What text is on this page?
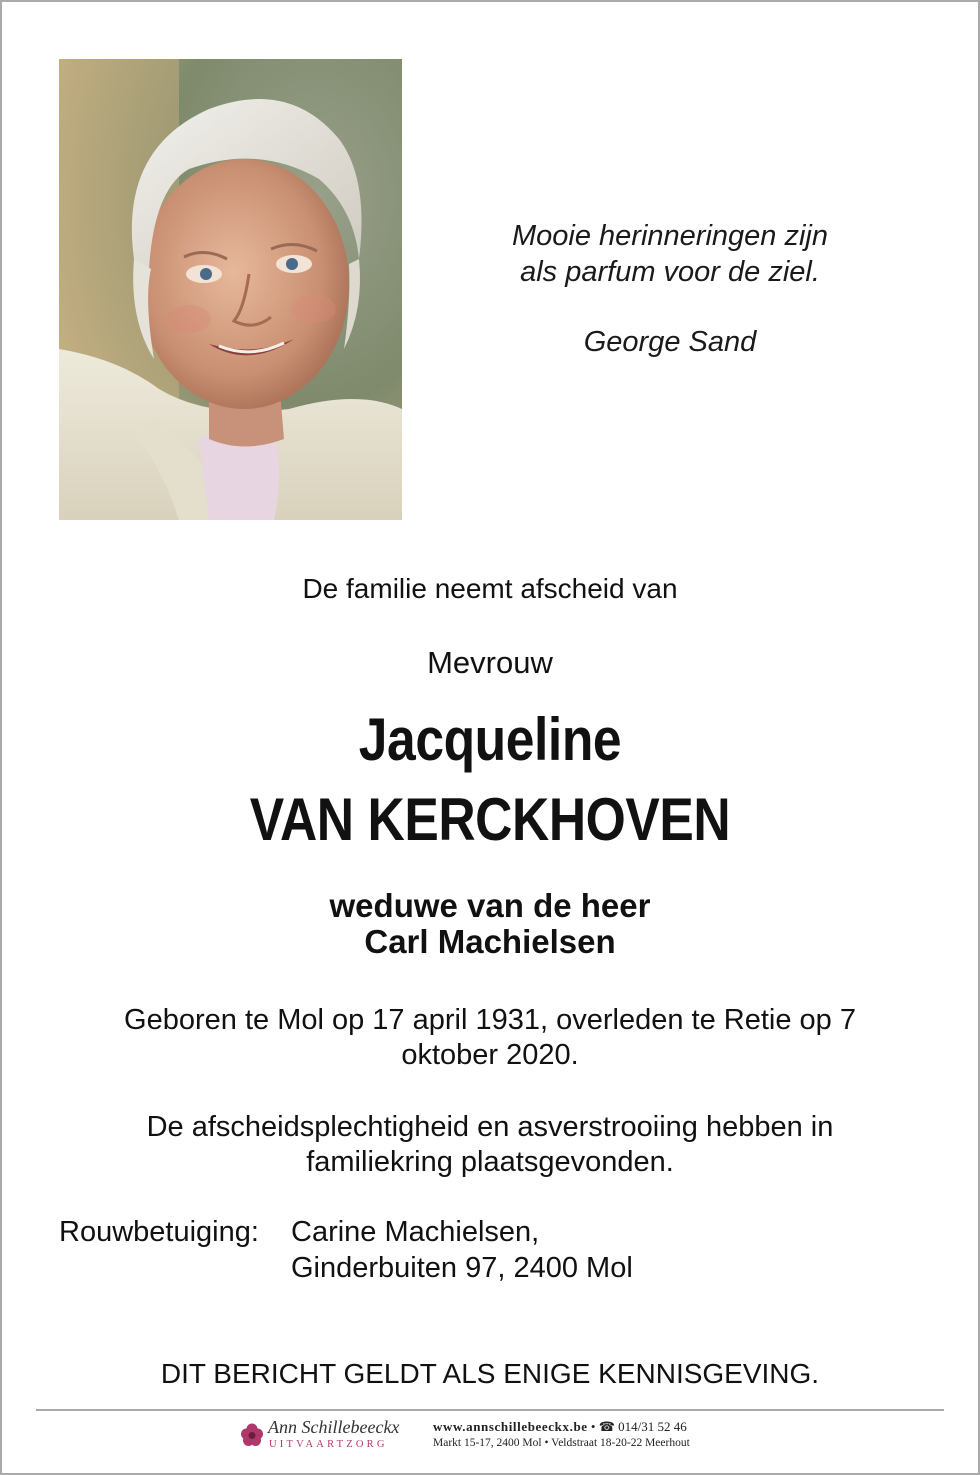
Mooie herinneringen zijn
als parfum voor de ziel.
George Sand
De familie neemt afscheid van
Mevrouw
Jacqueline
VAN KERCKHOVEN
weduwe van de heer
Carl Machielsen
Geboren te Mol op 17 april 1931, overleden te Retie op 7
oktober 2020.
De afscheidsplechtigheid en asverstrooiing hebben in
familiekring plaatsgevonden.
Rouwbetuiging: Carine Machielsen,
Ginderbuiten 97, 2400 Mol
DIT BERICHT GELDT ALS ENIGE KENNISGEVING.
Ann Schillebeeckx
UITVAARTZORG
www.annschillebeeckx.be • ☎ 014/31 52 46
Markt 15-17, 2400 Mol • Veldstraat 18-20-22 Meerhout
